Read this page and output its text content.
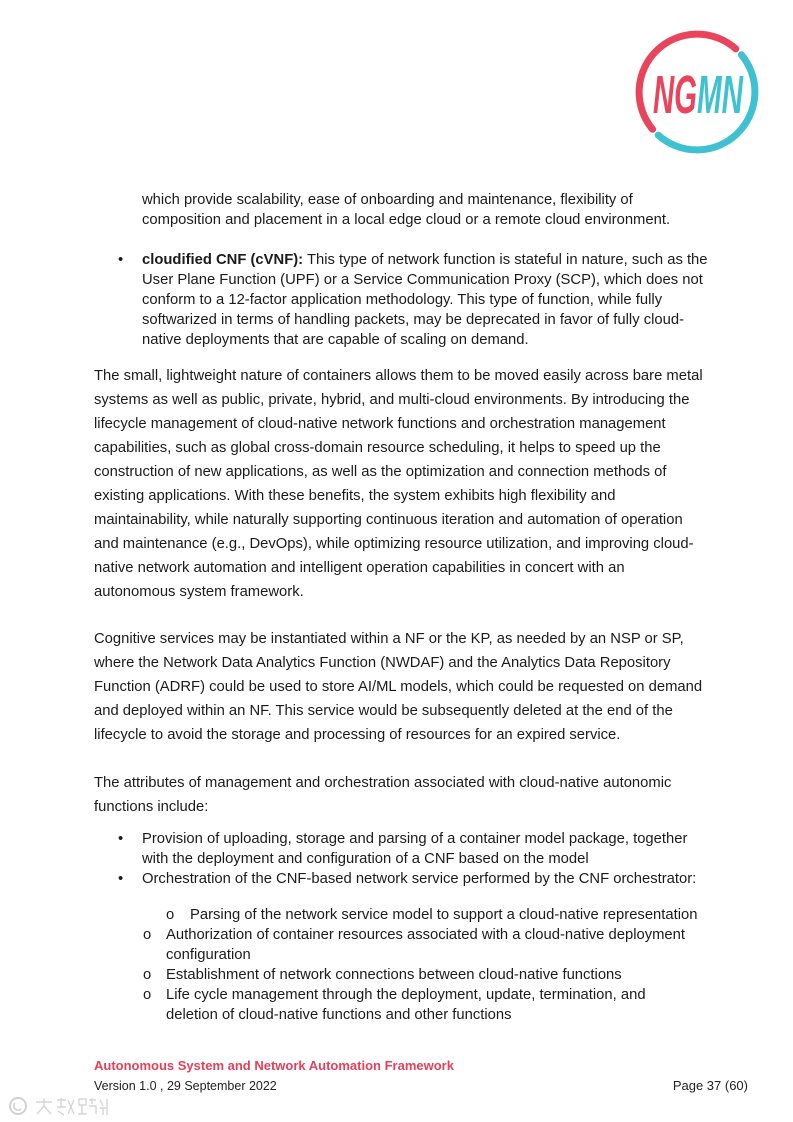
NG MN
which provide scalability, ease of onboarding and maintenance, flexibility of
composition and placement in a local edge cloud or a remote cloud environment.
• cloudified CNF (cVNF): This type of network function is stateful in nature, such as the
User Plane Function (UPF) or a Service Communication Proxy (SCP), which does not
conform to a 12-factor application methodology. This type of function, while fully
softwarized in terms of handling packets, may be deprecated in favor of fully cloud-
native deployments that are capable of scaling on demand.
The small, lightweight nature of containers allows them to be moved easily across bare metal
systems as well as public, private, hybrid, and multi-cloud environments. By introducing the
lifecycle management of cloud-native network functions and orchestration management
capabilities, such as global cross-domain resource scheduling, it helps to speed up the
construction of new applications, as well as the optimization and connection methods of
existing applications. With these benefits, the system exhibits high flexibility and
maintainability, while naturally supporting continuous iteration and automation of operation
and maintenance (e.g., DevOps), while optimizing resource utilization, and improving cloud-
native network automation and intelligent operation capabilities in concert with an
autonomous system framework.
Cognitive services may be instantiated within a NF or the KP, as needed by an NSP or SP,
where the Network Data Analytics Function (NWDAF) and the Analytics Data Repository
Function (ADRF) could be used to store AI/ML models, which could be requested on demand
and deployed within an NF. This service would be subsequently deleted at the end of the
lifecycle to avoid the storage and processing of resources for an expired service.
The attributes of management and orchestration associated with cloud-native autonomic
functions include:
• Provision of uploading, storage and parsing of a container model package, together
with the deployment and configuration of a CNF based on the model
• Orchestration of the CNF-based network service performed by the CNF orchestrator:
o Parsing of the network service model to support a cloud-native representation
o Authorization of container resources associated with a cloud-native deployment
configuration
o Establishment of network connections between cloud-native functions
o Life cycle management through the deployment, update, termination, and
deletion of cloud-native functions and other functions
Autonomous System and Network Automation Framework
Version 1.0 , 29 September 2022	Page 37 (60)
